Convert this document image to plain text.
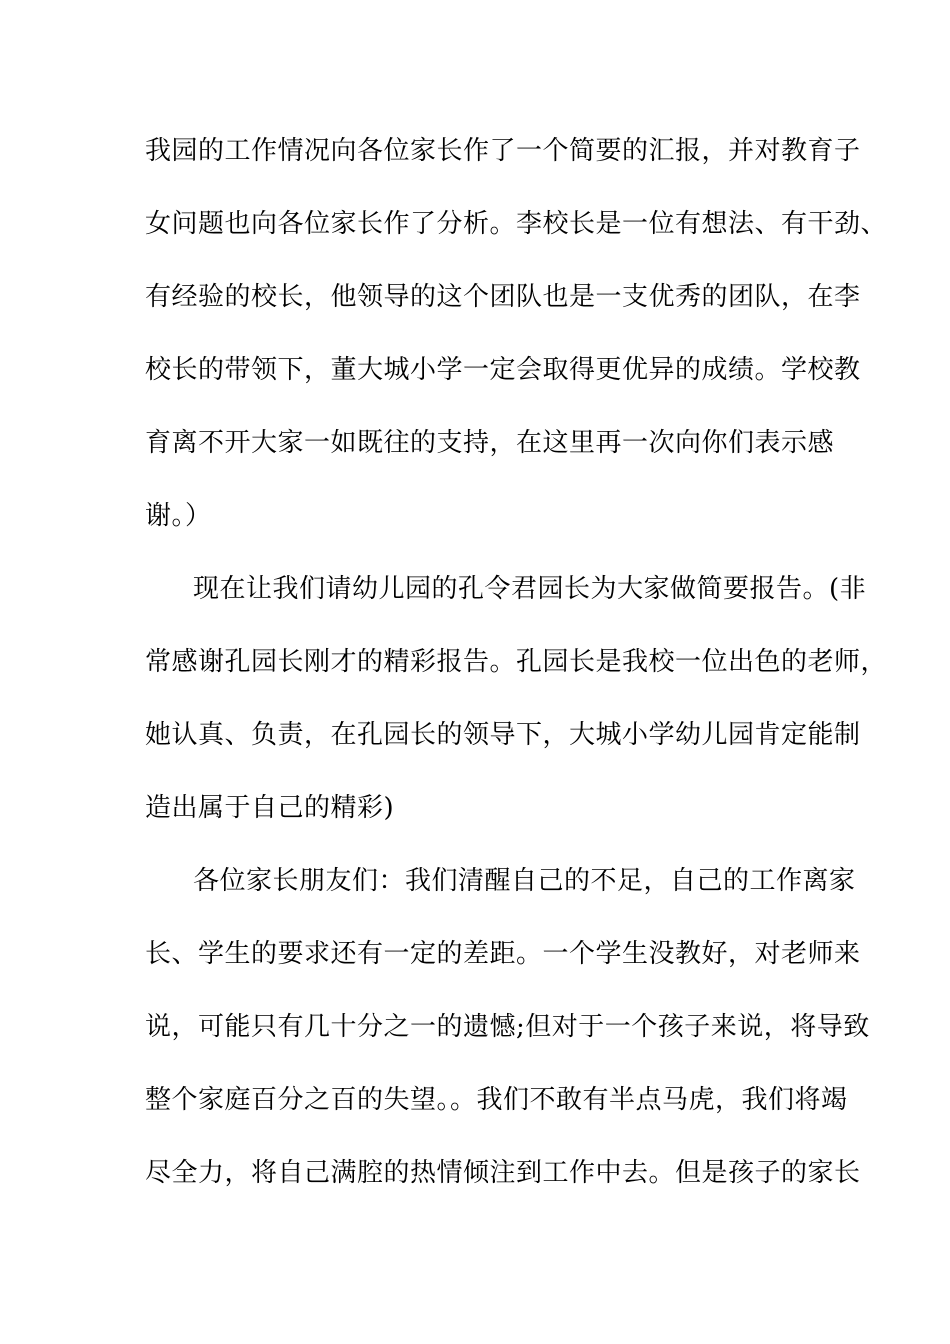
我园的工作情况向各位家长作了一个简要的汇报，并对教育子
女问题也向各位家长作了分析。李校长是一位有想法、有干劲、
有经验的校长，他领导的这个团队也是一支优秀的团队，在李
校长的带领下，董大城小学一定会取得更优异的成绩。学校教
育离不开大家一如既往的支持，在这里再一次向你们表示感
谢。）
现在让我们请幼儿园的孔令君园长为大家做简要报告。(非
常感谢孔园长刚才的精彩报告。孔园长是我校一位出色的老师，
她认真、负责，在孔园长的领导下，大城小学幼儿园肯定能制
造出属于自己的精彩)
各位家长朋友们：我们清醒自己的不足，自己的工作离家
长、学生的要求还有一定的差距。一个学生没教好，对老师来
说，可能只有几十分之一的遗憾;但对于一个孩子来说，将导致
整个家庭百分之百的失望。。我们不敢有半点马虎，我们将竭
尽全力，将自己满腔的热情倾注到工作中去。但是孩子的家长
